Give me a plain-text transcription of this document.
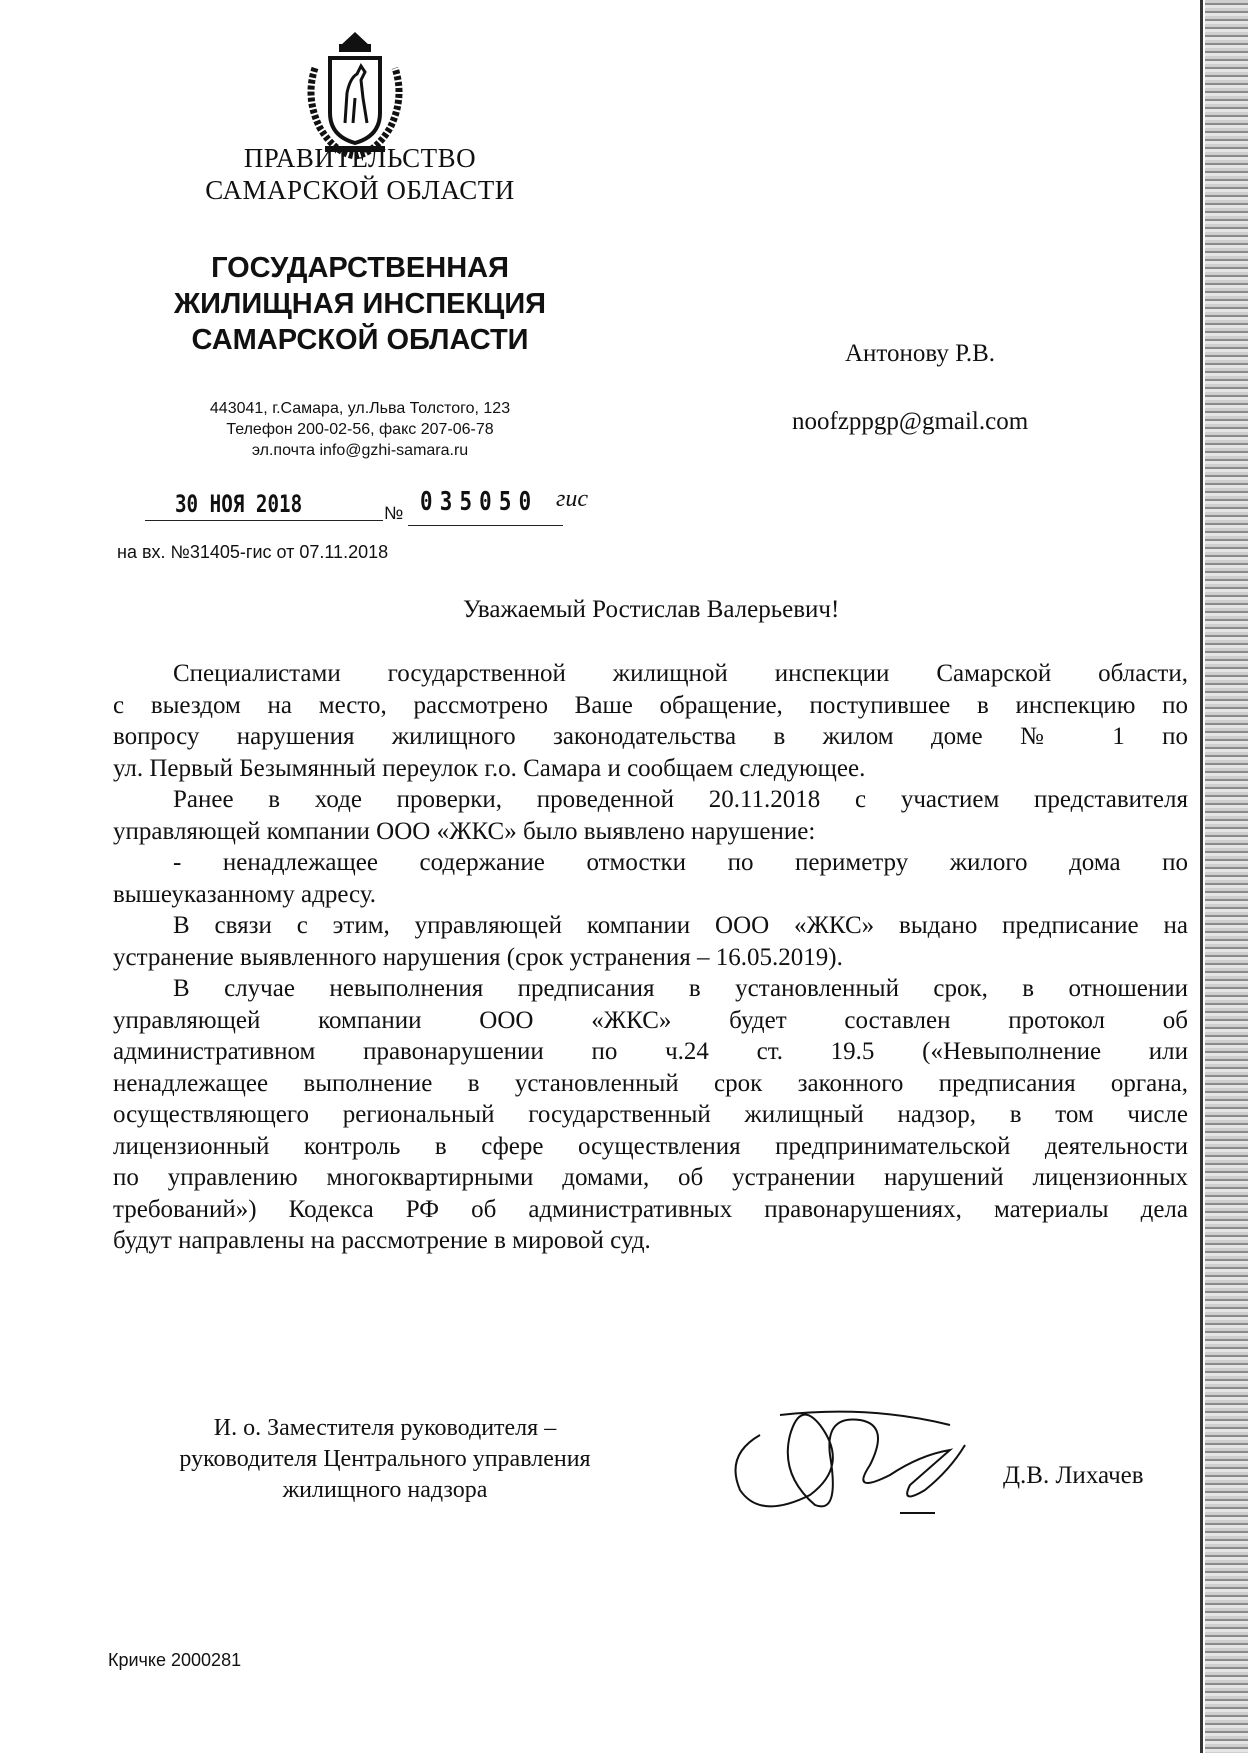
ПРАВИТЕЛЬСТВО
САМАРСКОЙ ОБЛАСТИ
ГОСУДАРСТВЕННАЯ
ЖИЛИЩНАЯ ИНСПЕКЦИЯ
САМАРСКОЙ ОБЛАСТИ
443041, г.Самара, ул.Льва Толстого, 123
Телефон 200-02-56, факс 207-06-78
эл.почта info@gzhi-samara.ru
30 НОЯ 2018	№ 035050 гис
на вх. №31405-гис от 07.11.2018
Антонову Р.В.
noofzppgp@gmail.com
Уважаемый Ростислав Валерьевич!
Специалистами государственной жилищной инспекции Самарской области,
с выездом на место, рассмотрено Ваше обращение, поступившее в инспекцию по
вопросу нарушения жилищного законодательства в жилом доме № 1 по
ул. Первый Безымянный переулок г.о. Самара и сообщаем следующее.
Ранее в ходе проверки, проведенной 20.11.2018 с участием представителя
управляющей компании ООО «ЖКС» было выявлено нарушение:
- ненадлежащее содержание отмостки по периметру жилого дома по
вышеуказанному адресу.
В связи с этим, управляющей компании ООО «ЖКС» выдано предписание на
устранение выявленного нарушения (срок устранения – 16.05.2019).
В случае невыполнения предписания в установленный срок, в отношении
управляющей компании ООО «ЖКС» будет составлен протокол об
административном правонарушении по ч.24 ст. 19.5 («Невыполнение или
ненадлежащее выполнение в установленный срок законного предписания органа,
осуществляющего региональный государственный жилищный надзор, в том числе
лицензионный контроль в сфере осуществления предпринимательской деятельности
по управлению многоквартирными домами, об устранении нарушений лицензионных
требований») Кодекса РФ об административных правонарушениях, материалы дела
будут направлены на рассмотрение в мировой суд.
И. о. Заместителя руководителя –
руководителя Центрального управления
жилищного надзора
Д.В. Лихачев
Кричке 2000281
